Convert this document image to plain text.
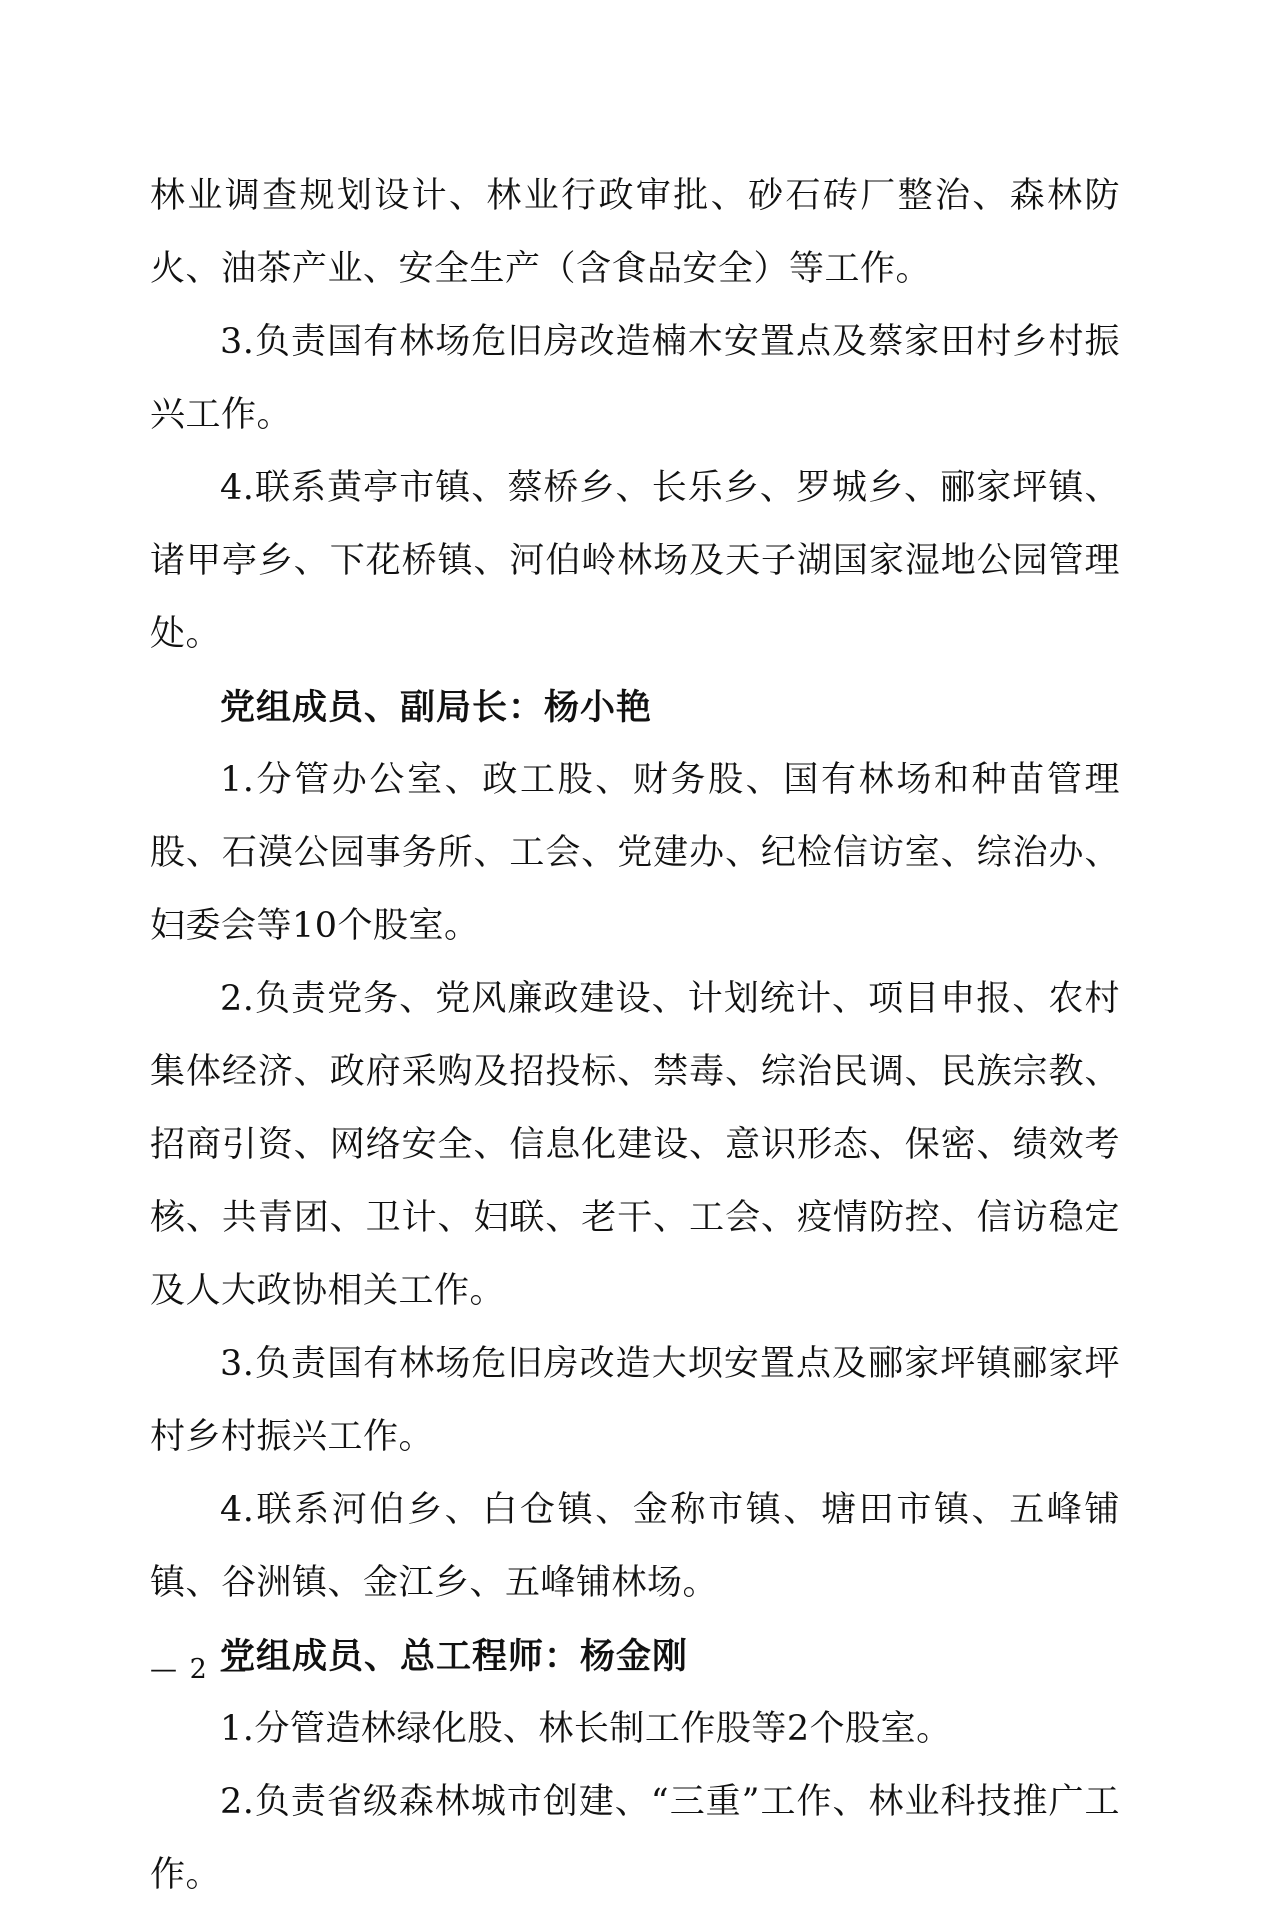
林业调查规划设计、林业行政审批、砂石砖厂整治、森林防火、油茶产业、安全生产（含食品安全）等工作。

3.负责国有林场危旧房改造楠木安置点及蔡家田村乡村振兴工作。

4.联系黄亭市镇、蔡桥乡、长乐乡、罗城乡、郦家坪镇、诸甲亭乡、下花桥镇、河伯岭林场及天子湖国家湿地公园管理处。

党组成员、副局长：杨小艳

1.分管办公室、政工股、财务股、国有林场和种苗管理股、石漠公园事务所、工会、党建办、纪检信访室、综治办、妇委会等10个股室。

2.负责党务、党风廉政建设、计划统计、项目申报、农村集体经济、政府采购及招投标、禁毒、综治民调、民族宗教、招商引资、网络安全、信息化建设、意识形态、保密、绩效考核、共青团、卫计、妇联、老干、工会、疫情防控、信访稳定及人大政协相关工作。

3.负责国有林场危旧房改造大坝安置点及郦家坪镇郦家坪村乡村振兴工作。

4.联系河伯乡、白仓镇、金称市镇、塘田市镇、五峰铺镇、谷洲镇、金江乡、五峰铺林场。

党组成员、总工程师：杨金刚

1.分管造林绿化股、林长制工作股等2个股室。

2.负责省级森林城市创建、“三重”工作、林业科技推广工作。

— 2 —
